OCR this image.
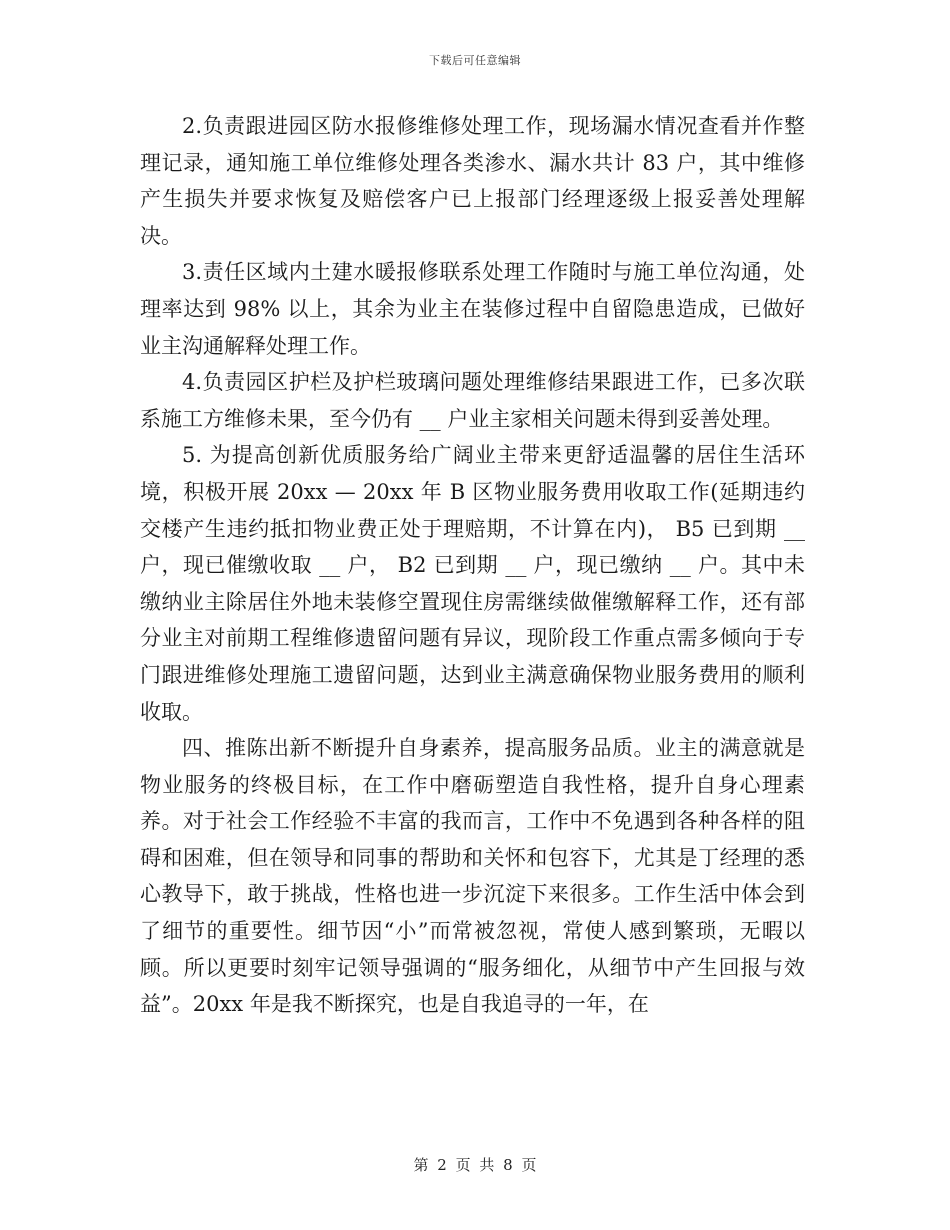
下载后可任意编辑

2.负责跟进园区防水报修维修处理工作，现场漏水情况查看并作整理记录，通知施工单位维修处理各类渗水、漏水共计 83 户，其中维修产生损失并要求恢复及赔偿客户已上报部门经理逐级上报妥善处理解决。

3.责任区域内土建水暖报修联系处理工作随时与施工单位沟通，处理率达到 98% 以上，其余为业主在装修过程中自留隐患造成，已做好业主沟通解释处理工作。

4.负责园区护栏及护栏玻璃问题处理维修结果跟进工作，已多次联系施工方维修未果，至今仍有 __ 户业主家相关问题未得到妥善处理。

5. 为提高创新优质服务给广阔业主带来更舒适温馨的居住生活环境，积极开展 20xx — 20xx 年 B 区物业服务费用收取工作(延期违约交楼产生违约抵扣物业费正处于理赔期，不计算在内)， B5 已到期 __ 户，现已催缴收取 __ 户， B2 已到期 __ 户，现已缴纳 __ 户。其中未缴纳业主除居住外地未装修空置现住房需继续做催缴解释工作，还有部分业主对前期工程维修遗留问题有异议，现阶段工作重点需多倾向于专门跟进维修处理施工遗留问题，达到业主满意确保物业服务费用的顺利收取。

四、推陈出新不断提升自身素养，提高服务品质。业主的满意就是物业服务的终极目标，在工作中磨砺塑造自我性格，提升自身心理素养。对于社会工作经验不丰富的我而言，工作中不免遇到各种各样的阻碍和困难，但在领导和同事的帮助和关怀和包容下，尤其是丁经理的悉心教导下，敢于挑战，性格也进一步沉淀下来很多。工作生活中体会到了细节的重要性。细节因“小”而常被忽视，常使人感到繁琐，无暇以顾。所以更要时刻牢记领导强调的“服务细化，从细节中产生回报与效益”。20xx 年是我不断探究，也是自我追寻的一年，在

第 2 页 共 8 页
